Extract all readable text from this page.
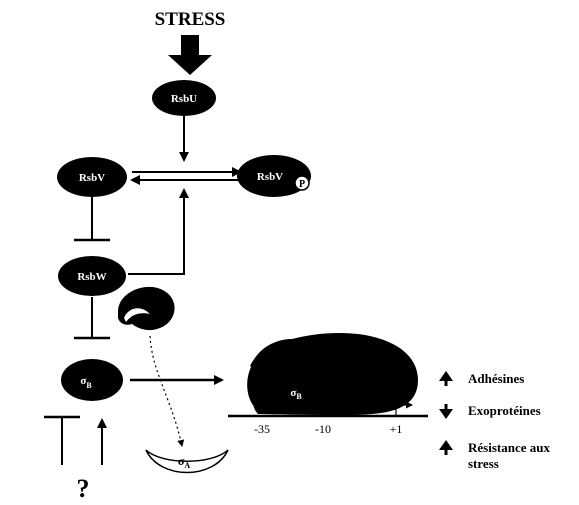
STRESS
RsbU
RsbV	RsbV
P
RsbW
$\sigma_B$
?
$\sigma_A$
$\sigma_B$
-35	-10	+1
Adhésines
Exoprotéines
Résistance aux
stress
